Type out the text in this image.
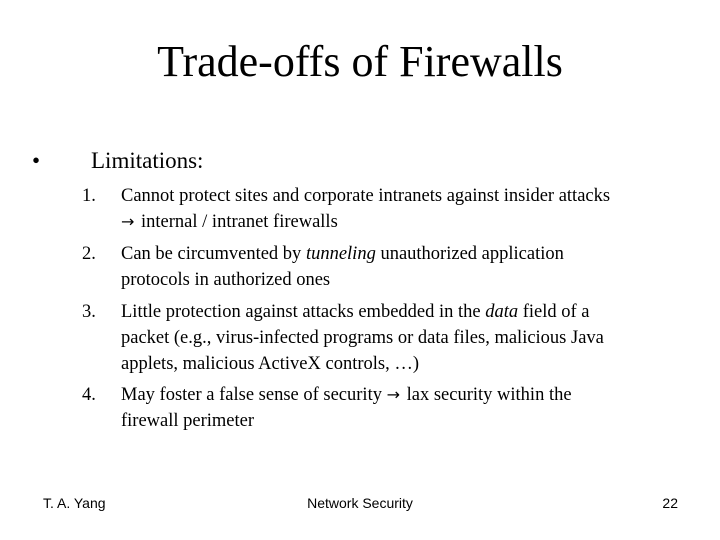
Trade-offs of Firewalls
• Limitations:
1. Cannot protect sites and corporate intranets against insider attacks
→ internal / intranet firewalls
2. Can be circumvented by tunneling unauthorized application
protocols in authorized ones
3. Little protection against attacks embedded in the data field of a
packet (e.g., virus-infected programs or data files, malicious Java
applets, malicious ActiveX controls, …)
4. May foster a false sense of security → lax security within the
firewall perimeter
T. A. Yang	Network Security	22
